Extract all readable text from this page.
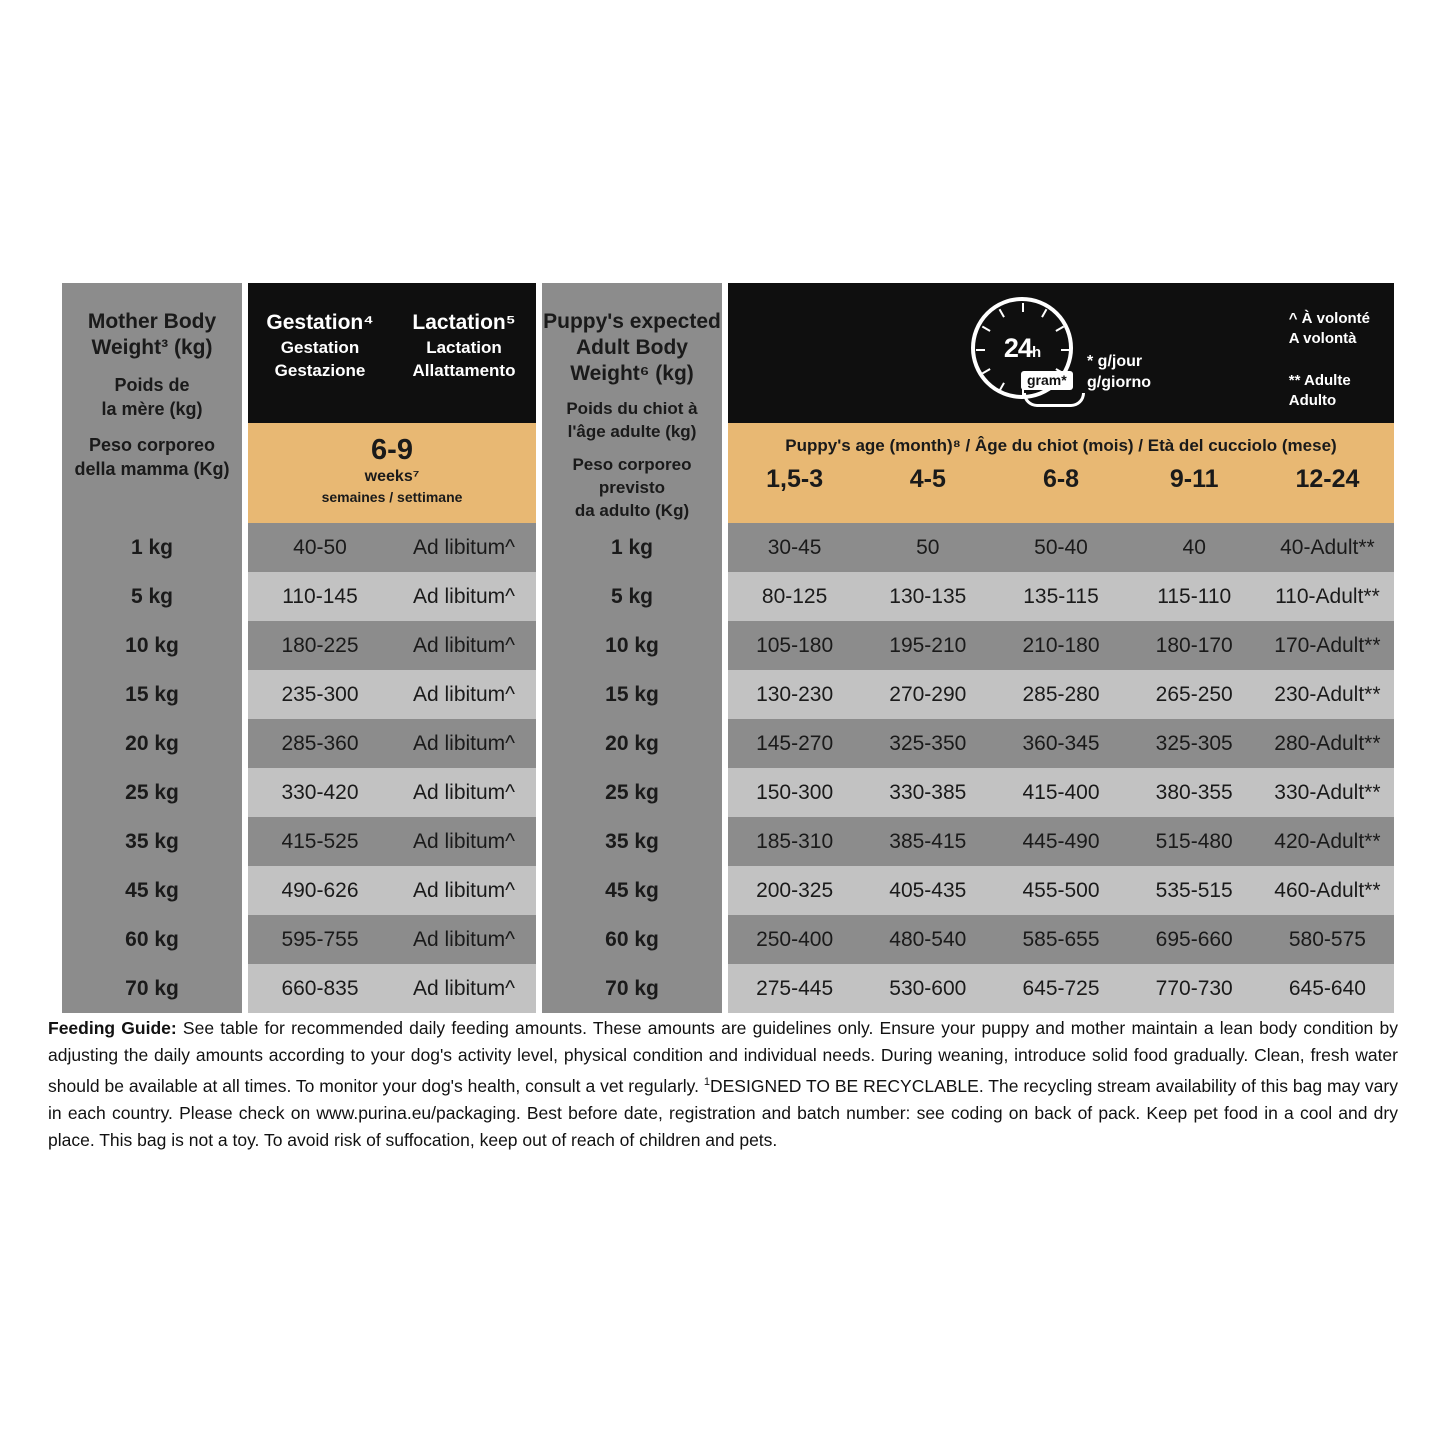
Mother Body
Weight³ (kg)
Poids de
la mère (kg)
Peso corporeo
della mamma (Kg)
Gestation⁴
Gestation
Gestazione
Lactation⁵
Lactation
Allattamento
6-9
weeks⁷
semaines / settimane
Puppy's expected
Adult Body
Weight⁶ (kg)
Poids du chiot à
l'âge adulte (kg)
Peso corporeo previsto
da adulto (Kg)
24h
gram*
* g/jour
g/giorno
^ À volonté
A volontà
** Adulte
Adulto
Puppy's age (month)⁸ / Âge du chiot (mois) / Età del cucciolo (mese)
1,5-3	4-5	6-8	9-11	12-24
1 kg	40-50	Ad libitum^	1 kg	30-45	50	50-40	40	40-Adult**
5 kg	110-145	Ad libitum^	5 kg	80-125	130-135	135-115	115-110	110-Adult**
10 kg	180-225	Ad libitum^	10 kg	105-180	195-210	210-180	180-170	170-Adult**
15 kg	235-300	Ad libitum^	15 kg	130-230	270-290	285-280	265-250	230-Adult**
20 kg	285-360	Ad libitum^	20 kg	145-270	325-350	360-345	325-305	280-Adult**
25 kg	330-420	Ad libitum^	25 kg	150-300	330-385	415-400	380-355	330-Adult**
35 kg	415-525	Ad libitum^	35 kg	185-310	385-415	445-490	515-480	420-Adult**
45 kg	490-626	Ad libitum^	45 kg	200-325	405-435	455-500	535-515	460-Adult**
60 kg	595-755	Ad libitum^	60 kg	250-400	480-540	585-655	695-660	580-575
70 kg	660-835	Ad libitum^	70 kg	275-445	530-600	645-725	770-730	645-640
Feeding Guide: See table for recommended daily feeding amounts. These amounts are guidelines only. Ensure your puppy and mother maintain a lean body condition by adjusting the daily amounts according to your dog's activity level, physical condition and individual needs. During weaning, introduce solid food gradually. Clean, fresh water should be available at all times. To monitor your dog's health, consult a vet regularly. $^1$DESIGNED TO BE RECYCLABLE. The recycling stream availability of this bag may vary in each country. Please check on www.purina.eu/packaging. Best before date, registration and batch number: see coding on back of pack. Keep pet food in a cool and dry place. This bag is not a toy. To avoid risk of suffocation, keep out of reach of children and pets.
